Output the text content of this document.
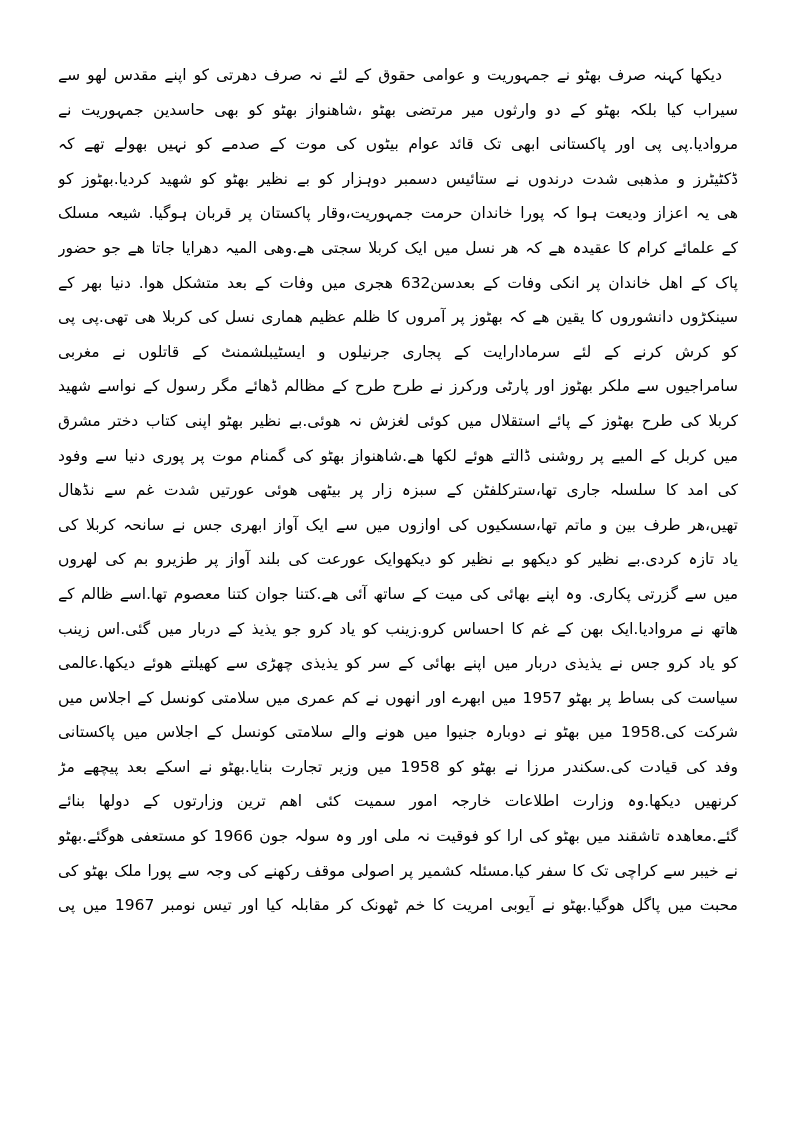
دیکھا کہنہ صرف بھٹو نے جمہوریت و عوامی حقوق کے لئے نہ صرف دھرتی کو اپنے مقدس لھو سے
سیراب کیا بلکہ بھٹو کے دو وارثوں میر مرتضی بھٹو ،شاھنواز بھٹو کو بھی حاسدین جمہوریت نے
مروادیا.پی پی اور پاکستانی ابھی تک قائد عوام بیٹوں کی موت کے صدمے کو نہیں بھولے تھے کہ
ڈکٹیٹرز و مذھبی شدت درندوں نے ستائیس دسمبر دوہزار کو بے نظیر بھٹو کو شھید کردیا.بھٹوز کو
ھی یہ اعزاز ودیعت ہوا کہ پورا خاندان حرمت جمہوریت،وقار پاکستان پر قربان ہوگیا. شیعہ مسلک
کے علمائے کرام کا عقیدہ ھے کہ ھر نسل میں ایک کربلا سجتی ھے.وھی المیہ دھرایا جاتا ھے جو حضور
پاک کے اھل خاندان پر انکی وفات کے بعدسن632 ھجری میں وفات کے بعد متشکل ھوا. دنیا بھر کے
سینکڑوں دانشوروں کا یقین ھے کہ بھٹوز پر آمروں کا ظلم عظیم ھماری نسل کی کربلا ھی تھی.پی پی
کو کرش کرنے کے لئے سرمادارایت کے پجاری جرنیلوں و ایسٹیبلشمنٹ کے قاتلوں نے مغربی
سامراجیوں سے ملکر بھٹوز اور پارٹی ورکرز نے طرح طرح کے مظالم ڈھائے مگر رسول کے نواسے شھید
کربلا کی طرح بھٹوز کے پائے استقلال میں کوئی لغزش نہ ھوئی.بے نظیر بھٹو اپنی کتاب دختر مشرق
میں کربل کے المیے پر روشنی ڈالتے ھوئے لکھا ھے.شاھنواز بھٹو کی گمنام موت پر پوری دنیا سے وفود
کی امد کا سلسلہ جاری تھا،سترکلفٹن کے سبزہ زار پر بیٹھی ھوئی عورتیں شدت غم سے نڈھال
تھیں،ھر طرف بین و ماتم تھا،سسکیوں کی اوازوں میں سے ایک آواز ابھری جس نے سانحہ کربلا کی
یاد تازہ کردی.بے نظیر کو دیکھو بے نظیر کو دیکھوایک عورعت کی بلند آواز پر طزیرو بم کی لھروں
میں سے گزرتی پکاری. وہ اپنے بھائی کی میت کے ساتھ آئی ھے.کتنا جوان کتنا معصوم تھا.اسے ظالم کے
ھاتھ نے مروادیا.ایک بھن کے غم کا احساس کرو.زینب کو یاد کرو جو یذیذ کے دربار میں گئی.اس زینب
کو یاد کرو جس نے یذیذی دربار میں اپنے بھائی کے سر کو یذیذی چھڑی سے کھیلتے ھوئے دیکھا.عالمی
سیاست کی بساط پر بھٹو 1957 میں ابھرے اور انھوں نے کم عمری میں سلامتی کونسل کے اجلاس میں
شرکت کی.1958 میں بھٹو نے دوبارہ جنیوا میں ھونے والے سلامتی کونسل کے اجلاس میں پاکستانی
وفد کی قیادت کی.سکندر مرزا نے بھٹو کو 1958 میں وزیر تجارت بنایا.بھٹو نے اسکے بعد پیچھے مڑ
کرنھیں دیکھا.وہ وزارت اطلاعات خارجہ امور سمیت کئی اھم ترین وزارتوں کے دولھا بنائے
گئے.معاھدہ تاشقند میں بھٹو کی ارا کو فوقیت نہ ملی اور وہ سولہ جون 1966 کو مستعفی ھوگئے.بھٹو
نے خیبر سے کراچی تک کا سفر کیا.مسئلہ کشمیر پر اصولی موقف رکھنے کی وجہ سے پورا ملک بھٹو کی
محبت میں پاگل ھوگیا.بھٹو نے آیوبی امریت کا خم ٹھونک کر مقابلہ کیا اور تیس نومبر 1967 میں پی
